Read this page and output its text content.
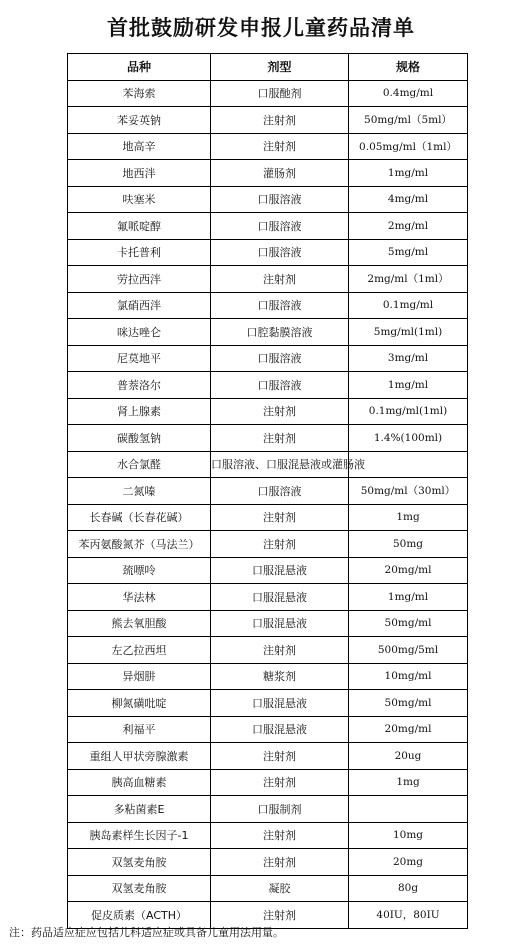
首批鼓励研发申报儿童药品清单
品种	剂型	规格
苯海索	口服酏剂	0.4mg/ml
苯妥英钠	注射剂	50mg/ml（5ml）
地高辛	注射剂	0.05mg/ml（1ml）
地西泮	灌肠剂	1mg/ml
呋塞米	口服溶液	4mg/ml
氟哌啶醇	口服溶液	2mg/ml
卡托普利	口服溶液	5mg/ml
劳拉西泮	注射剂	2mg/ml（1ml）
氯硝西泮	口服溶液	0.1mg/ml
咪达唑仑	口腔黏膜溶液	5mg/ml(1ml)
尼莫地平	口服溶液	3mg/ml
普萘洛尔	口服溶液	1mg/ml
肾上腺素	注射剂	0.1mg/ml(1ml)
碳酸氢钠	注射剂	1.4%(100ml)
水合氯醛	口服溶液、口服混悬液或灌肠液	
二氮嗪	口服溶液	50mg/ml（30ml）
长春碱（长春花碱）	注射剂	1mg
苯丙氨酸氮芥（马法兰）	注射剂	50mg
巯嘌呤	口服混悬液	20mg/ml
华法林	口服混悬液	1mg/ml
熊去氧胆酸	口服混悬液	50mg/ml
左乙拉西坦	注射剂	500mg/5ml
异烟肼	糖浆剂	10mg/ml
柳氮磺吡啶	口服混悬液	50mg/ml
利福平	口服混悬液	20mg/ml
重组人甲状旁腺激素	注射剂	20ug
胰高血糖素	注射剂	1mg
多粘菌素E	口服制剂	
胰岛素样生长因子-1	注射剂	10mg
双氢麦角胺	注射剂	20mg
双氢麦角胺	凝胶	80g
促皮质素（ACTH）	注射剂	40IU，80IU
注：药品适应症应包括儿科适应症或具备儿童用法用量。
